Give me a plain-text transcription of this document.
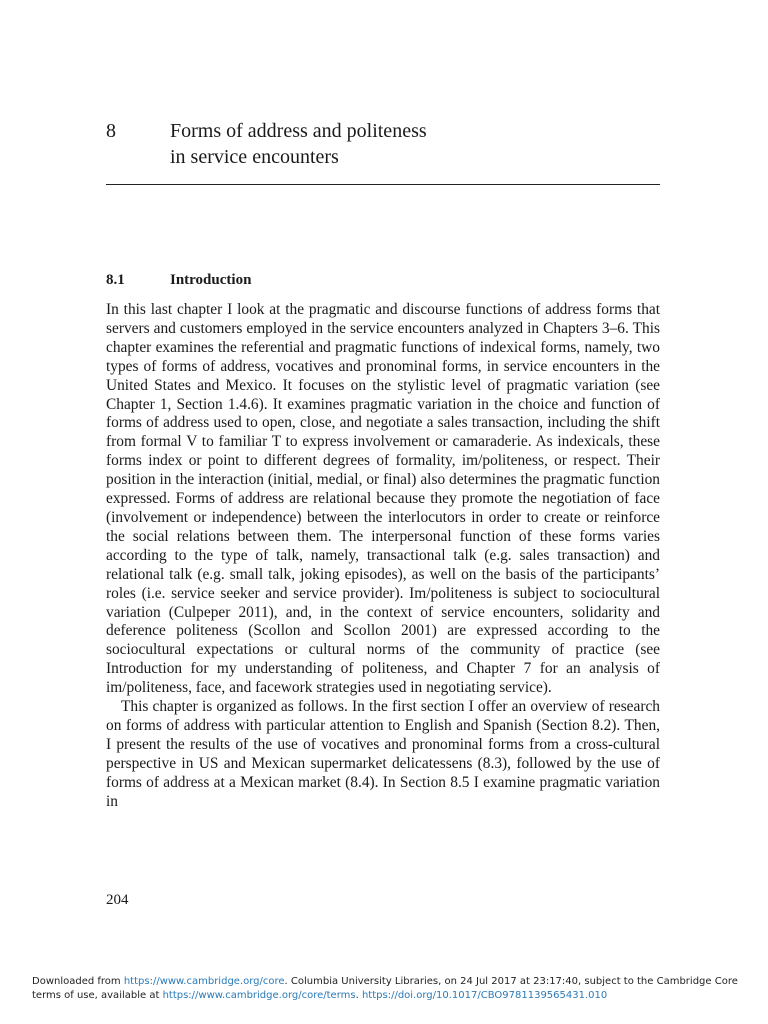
8	Forms of address and politeness
in service encounters
8.1	Introduction

In this last chapter I look at the pragmatic and discourse functions of address forms that servers and customers employed in the service encounters analyzed in Chapters 3–6. This chapter examines the referential and pragmatic functions of indexical forms, namely, two types of forms of address, vocatives and pronominal forms, in service encounters in the United States and Mexico. It focuses on the stylistic level of pragmatic variation (see Chapter 1, Section 1.4.6). It examines pragmatic variation in the choice and function of forms of address used to open, close, and negotiate a sales transaction, including the shift from formal V to familiar T to express involvement or camaraderie. As indexicals, these forms index or point to different degrees of formality, im/politeness, or respect. Their position in the interaction (initial, medial, or final) also determines the pragmatic function expressed. Forms of address are relational because they promote the negotiation of face (involvement or independence) between the interlocutors in order to create or reinforce the social relations between them. The interpersonal function of these forms varies according to the type of talk, namely, transactional talk (e.g. sales transaction) and relational talk (e.g. small talk, joking episodes), as well on the basis of the participants’ roles (i.e. service seeker and service provider). Im/politeness is subject to sociocultural variation (Culpeper 2011), and, in the context of service encounters, solidarity and deference politeness (Scollon and Scollon 2001) are expressed according to the sociocultural expectations or cultural norms of the community of practice (see Introduction for my understanding of politeness, and Chapter 7 for an analysis of im/politeness, face, and facework strategies used in negotiating service).

This chapter is organized as follows. In the first section I offer an overview of research on forms of address with particular attention to English and Spanish (Section 8.2). Then, I present the results of the use of vocatives and pronominal forms from a cross-cultural perspective in US and Mexican supermarket delicatessens (8.3), followed by the use of forms of address at a Mexican market (8.4). In Section 8.5 I examine pragmatic variation in

204
Downloaded from https://www.cambridge.org/core. Columbia University Libraries, on 24 Jul 2017 at 23:17:40, subject to the Cambridge Core terms of use, available at https://www.cambridge.org/core/terms. https://doi.org/10.1017/CBO9781139565431.010
